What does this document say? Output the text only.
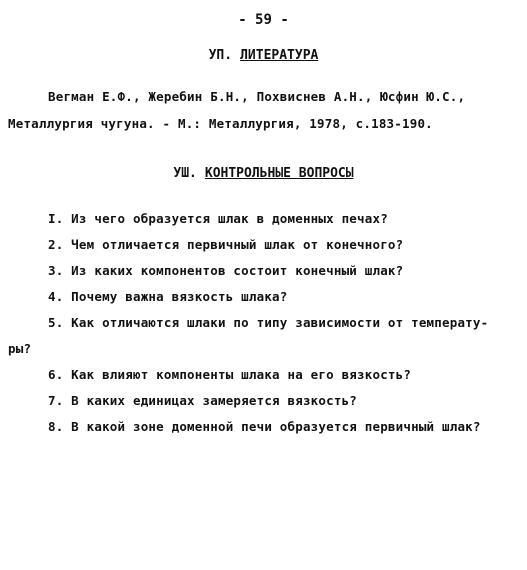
- 59 -
УП. ЛИТЕРАТУРА
Вегман Е.Ф., Жеребин Б.Н., Похвиснев А.Н., Юсфин Ю.С.,
Металлургия чугуна. - М.: Металлургия, 1978, с.183-190.
УШ. КОНТРОЛЬНЫЕ ВОПРОСЫ
I. Из чего образуется шлак в доменных печах?
2. Чем отличается первичный шлак от конечного?
3. Из каких компонентов состоит конечный шлак?
4. Почему важна вязкость шлака?
5. Как отличаются шлаки по типу зависимости от температу-
ры?
6. Как влияют компоненты шлака на его вязкость?
7. В каких единицах замеряется вязкость?
8. В какой зоне доменной печи образуется первичный шлак?
